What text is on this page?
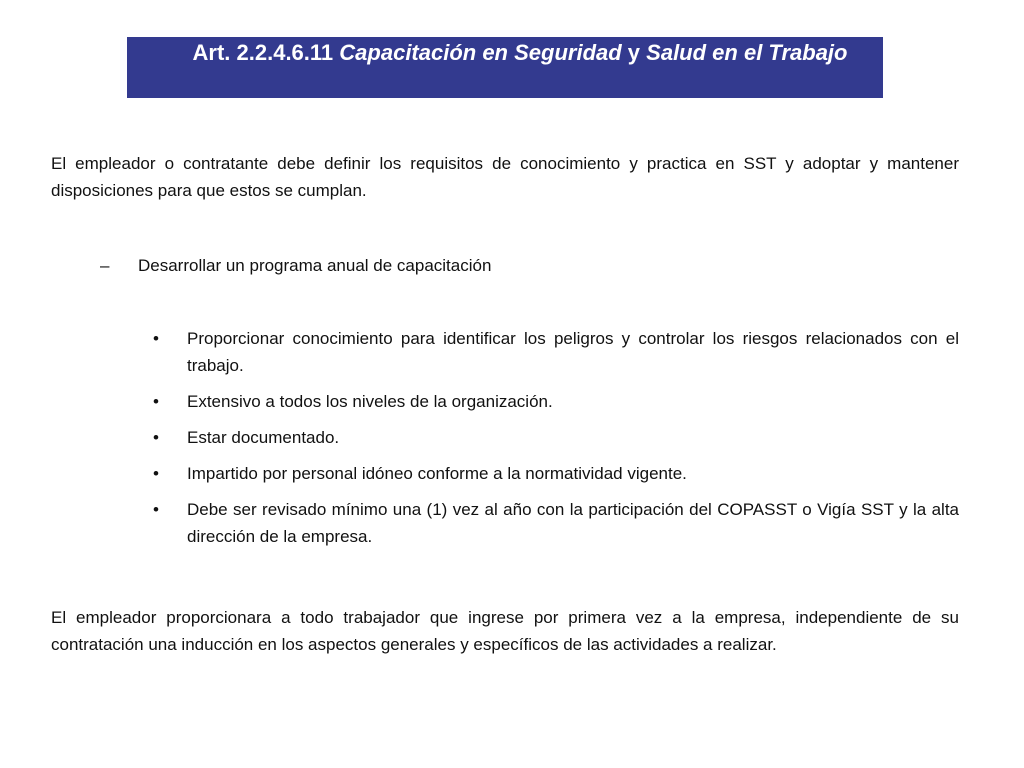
Art. 2.2.4.6.11 Capacitación en Seguridad y Salud en el Trabajo

El empleador o contratante debe definir los requisitos de conocimiento y practica en SST y adoptar y mantener disposiciones para que estos se cumplan.

– Desarrollar un programa anual de capacitación
• Proporcionar conocimiento para identificar los peligros y controlar los riesgos relacionados con el trabajo.
• Extensivo a todos los niveles de la organización.
• Estar documentado.
• Impartido por personal idóneo conforme a la normatividad vigente.
• Debe ser revisado mínimo una (1) vez al año con la participación del COPASST o Vigía SST y la alta dirección de la empresa.

El empleador proporcionara a todo trabajador que ingrese por primera vez a la empresa, independiente de su contratación una inducción en los aspectos generales y específicos de las actividades a realizar.
